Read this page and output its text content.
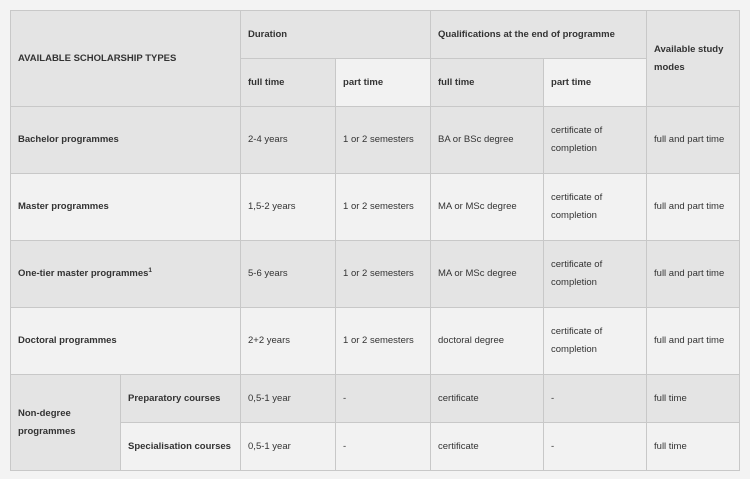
AVAILABLE SCHOLARSHIP TYPES		Duration		Qualifications at the end of programme		Available study modes
		full time	part time	full time	part time	
Bachelor programmes		2-4 years	1 or 2 semesters	BA or BSc degree	certificate of completion	full and part time
Master programmes		1,5-2 years	1 or 2 semesters	MA or MSc degree	certificate of completion	full and part time
One-tier master programmes$^1$		5-6 years	1 or 2 semesters	MA or MSc degree	certificate of completion	full and part time
Doctoral programmes		2+2 years	1 or 2 semesters	doctoral degree	certificate of completion	full and part time
Non-degree programmes	Preparatory courses	0,5-1 year	-	certificate	-	full time
	Specialisation courses	0,5-1 year	-	certificate	-	full time
